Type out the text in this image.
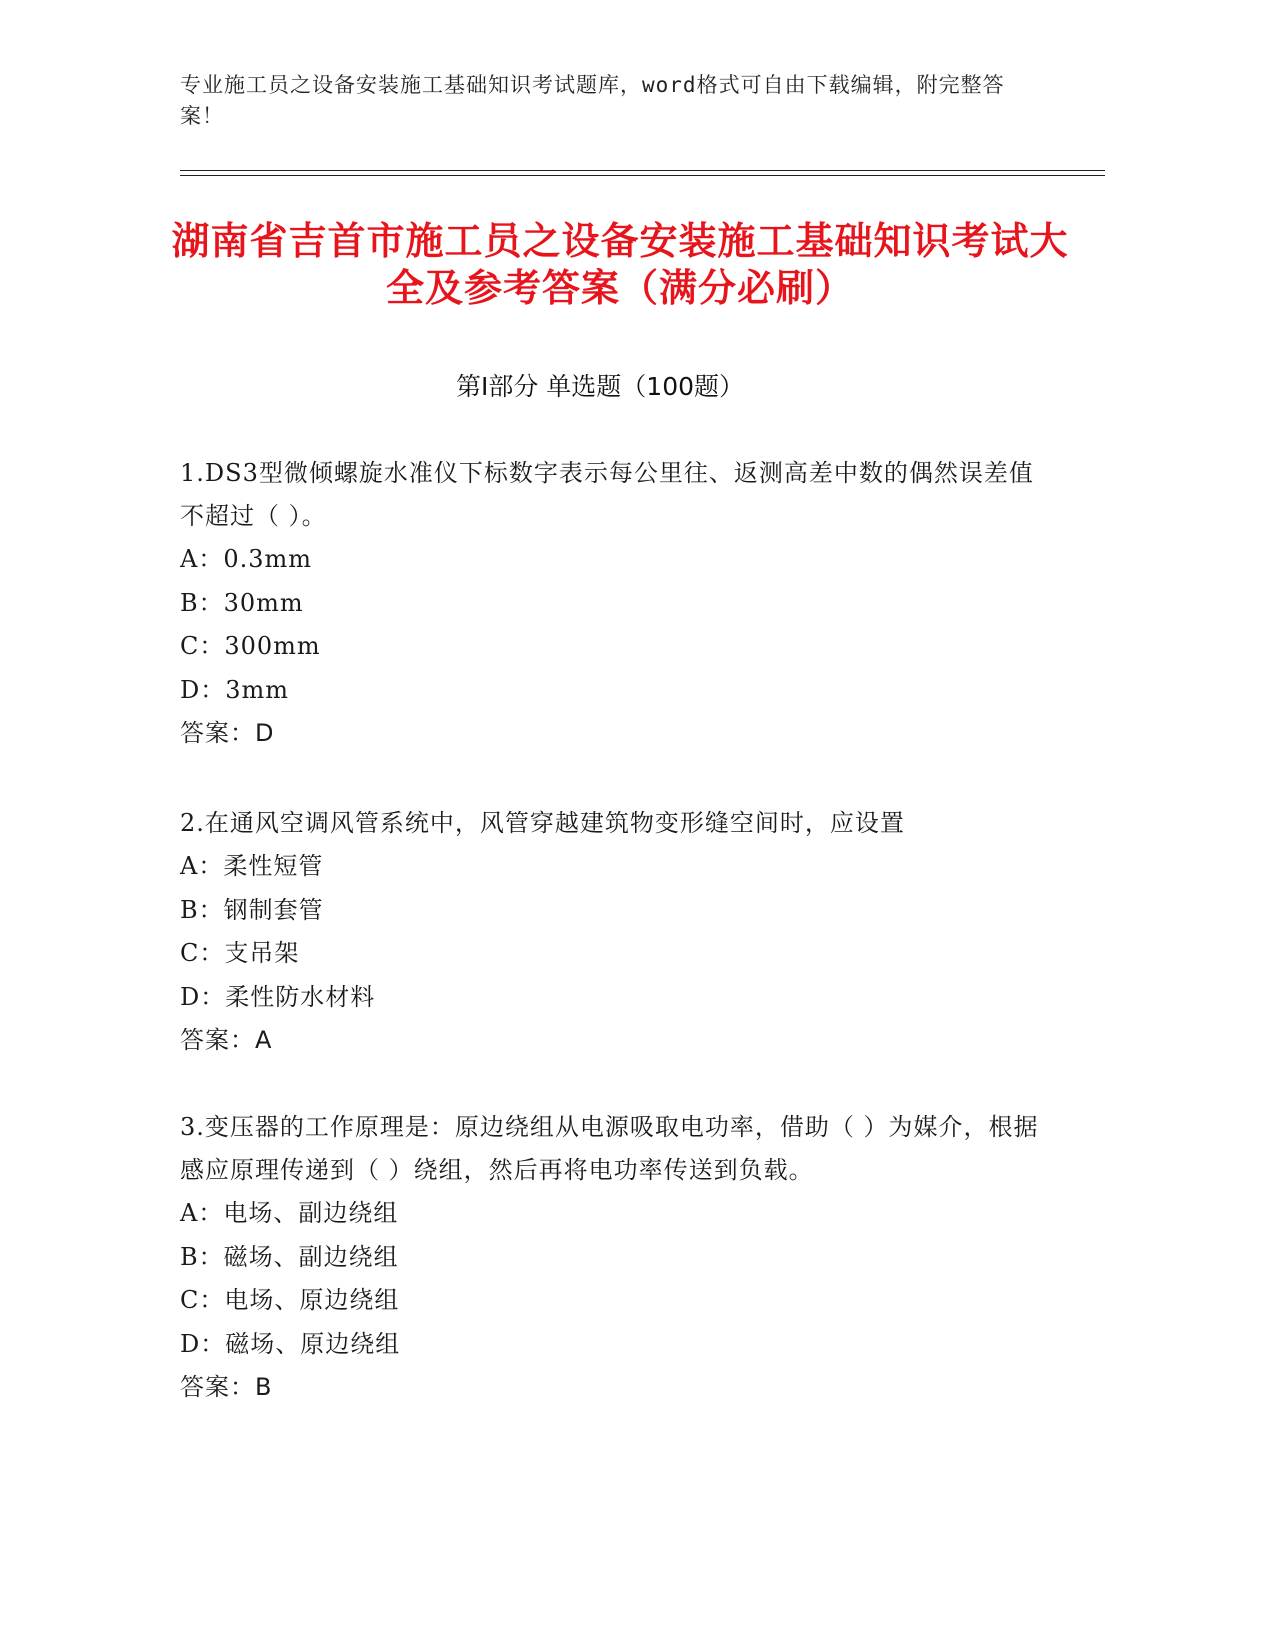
专业施工员之设备安装施工基础知识考试题库，word格式可自由下载编辑，附完整答案！
湖南省吉首市施工员之设备安装施工基础知识考试大全及参考答案（满分必刷）
第I部分 单选题（100题）
1.DS3型微倾螺旋水准仪下标数字表示每公里往、返测高差中数的偶然误差值不超过（ ）。
A：0.3mm
B：30mm
C：300mm
D：3mm
答案：D
2.在通风空调风管系统中，风管穿越建筑物变形缝空间时，应设置
A：柔性短管
B：钢制套管
C：支吊架
D：柔性防水材料
答案：A
3.变压器的工作原理是：原边绕组从电源吸取电功率，借助（ ）为媒介，根据感应原理传递到（ ）绕组，然后再将电功率传送到负载。
A：电场、副边绕组
B：磁场、副边绕组
C：电场、原边绕组
D：磁场、原边绕组
答案：B
